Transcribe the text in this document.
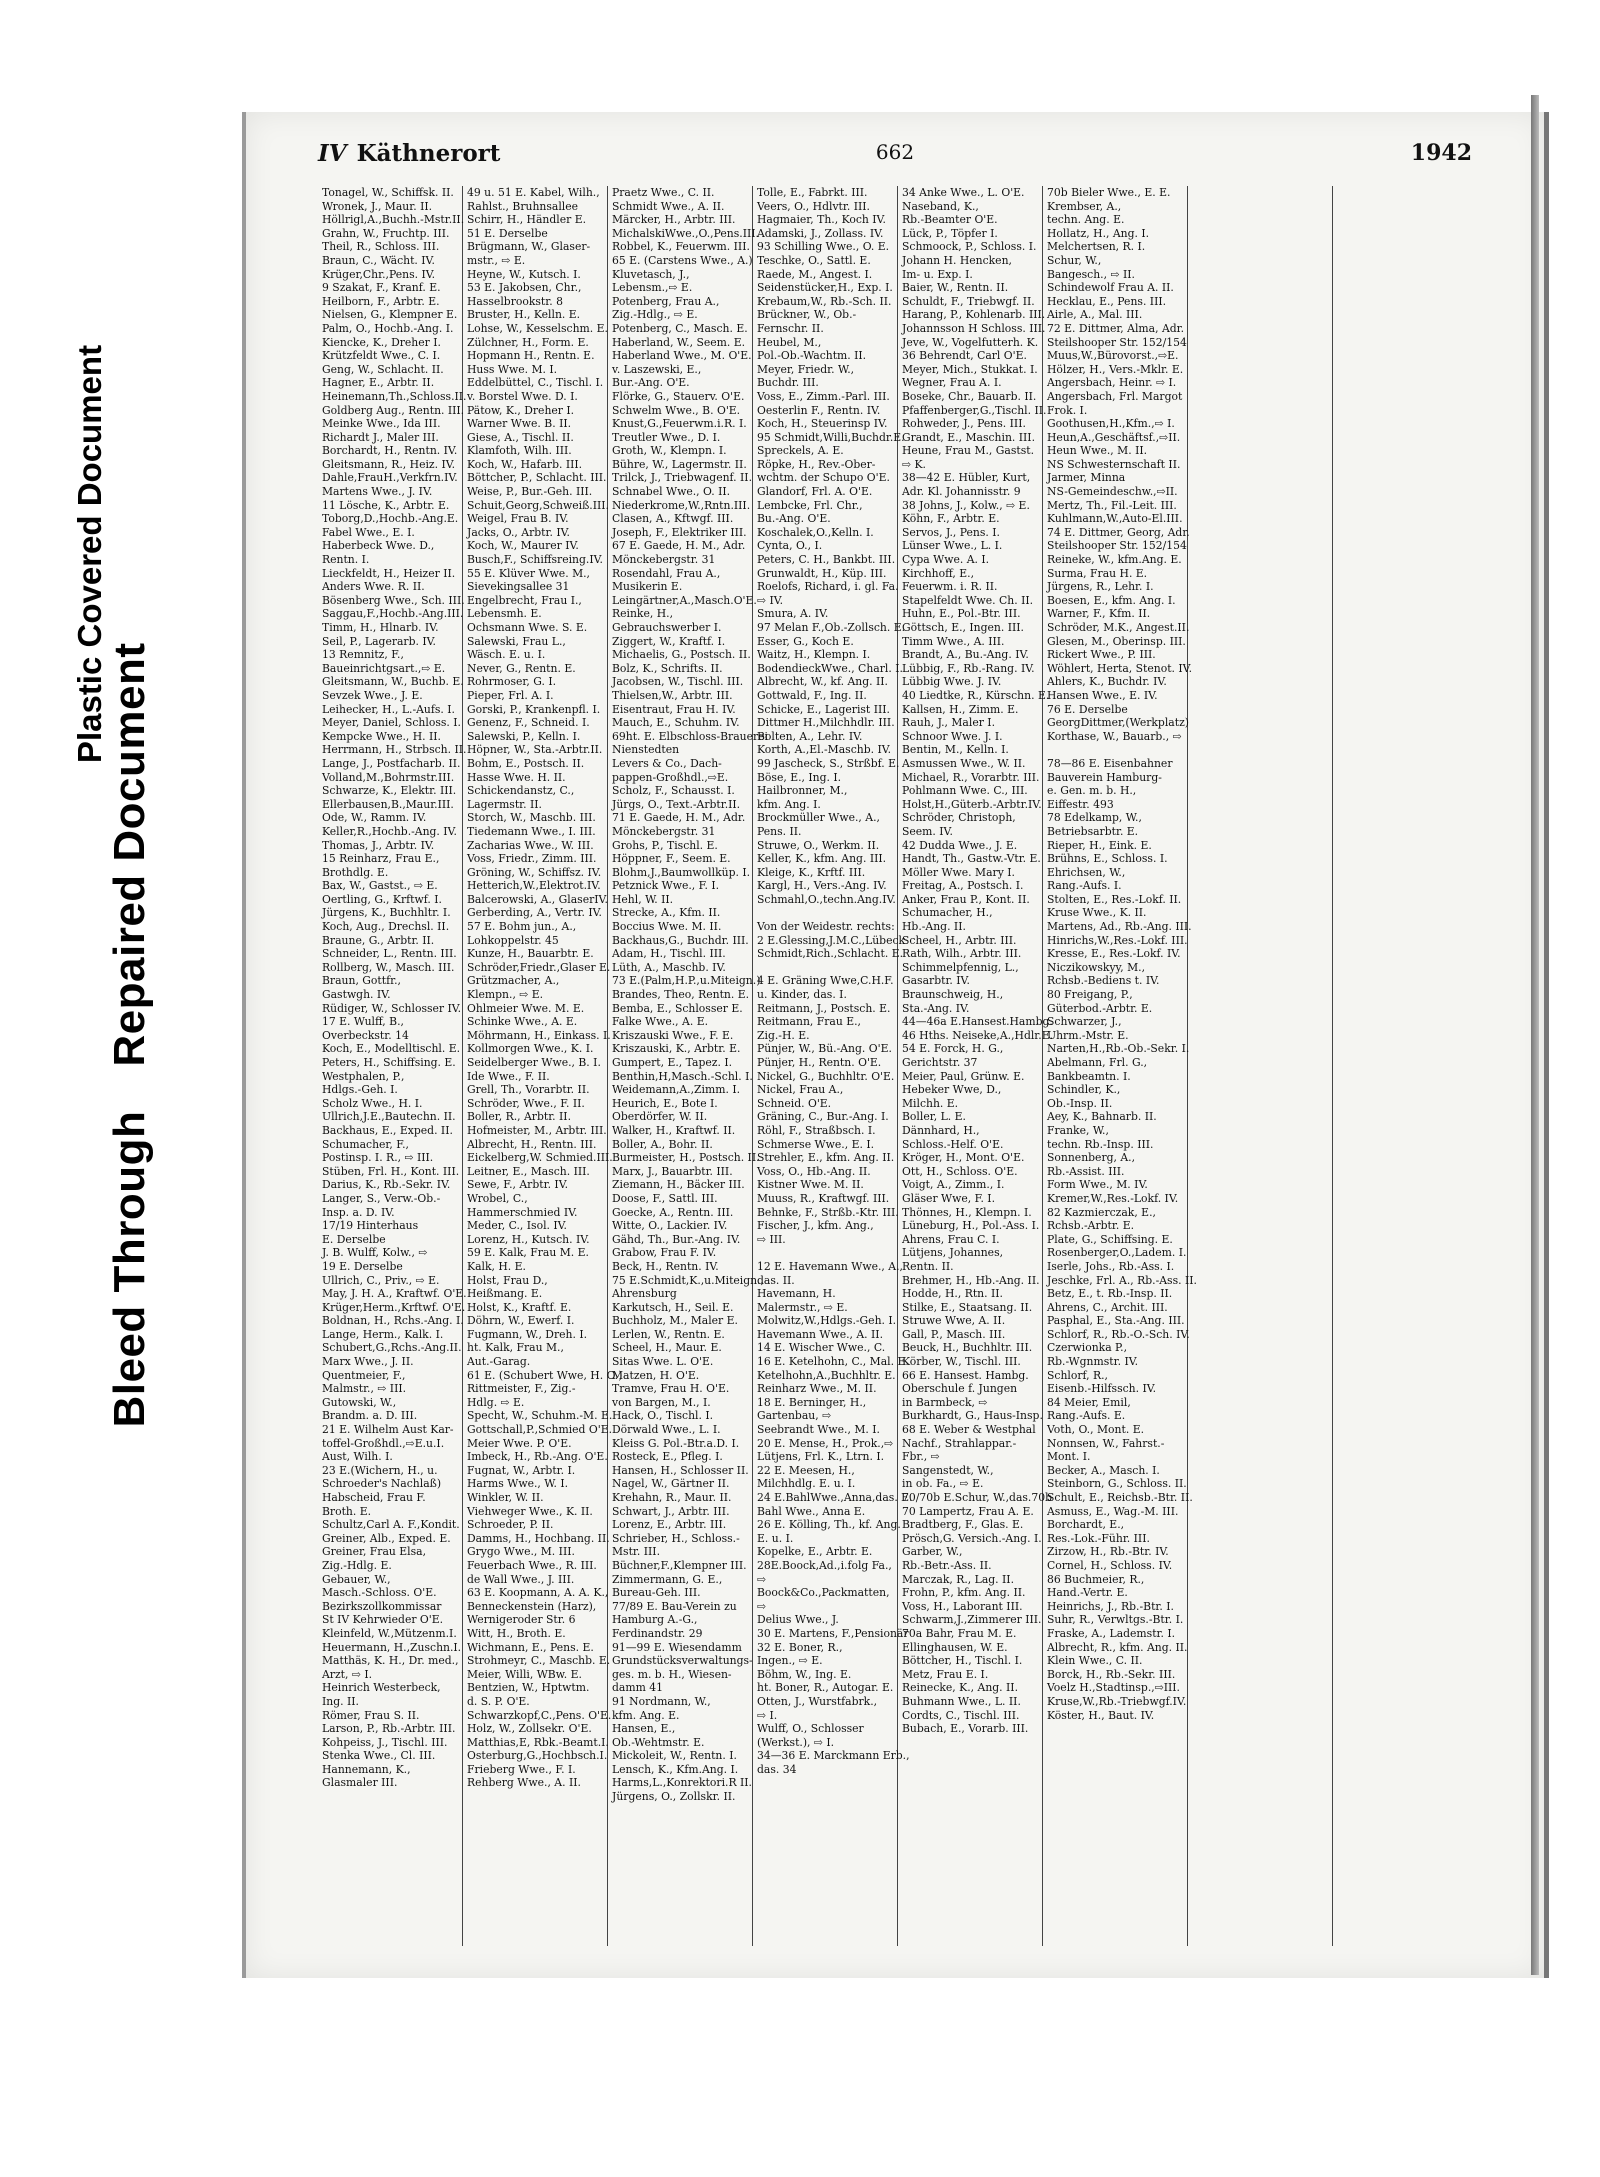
Bleed ThroughRepaired Document
Plastic Covered Document
IV Käthnerort	662	1942
Tonagel, W., Schiffsk. II.
Wronek, J., Maur. II.
Höllrigl,A.,Buchh.-Mstr.II.
Grahn, W., Fruchtp. III.
Theil, R., Schloss. III.
Braun, C., Wächt. IV.
Krüger,Chr.,Pens. IV.
9 Szakat, F., Kranf. E.
Heilborn, F., Arbtr. E.
Nielsen, G., Klempner E.
Palm, O., Hochb.-Ang. I.
Kiencke, K., Dreher I.
Krützfeldt Wwe., C. I.
Geng, W., Schlacht. II.
Hagner, E., Arbtr. II.
Heinemann,Th.,Schloss.II.
Goldberg Aug., Rentn. III.
Meinke Wwe., Ida III.
Richardt J., Maler III.
Borchardt, H., Rentn. IV.
Gleitsmann, R., Heiz. IV.
Dahle,FrauH.,Verkfrn.IV.
Martens Wwe., J. IV.
11 Lösche, K., Arbtr. E.
Toborg,D.,Hochb.-Ang.E.
Fabel Wwe., E. I.
Haberbeck Wwe. D.,
Rentn. I.
Lieckfeldt, H., Heizer II.
Anders Wwe. R. II.
Bösenberg Wwe., Sch. III.
Saggau,F.,Hochb.-Ang.III.
Timm, H., Hlnarb. IV.
Seil, P., Lagerarb. IV.
13 Remnitz, F.,
Baueinrichtgsart.,⇨ E.
Gleitsmann, W., Buchb. E.
Sevzek Wwe., J. E.
Leihecker, H., L.-Aufs. I.
Meyer, Daniel, Schloss. I.
Kempcke Wwe., H. II.
Herrmann, H., Strbsch. II.
Lange, J., Postfacharb. II.
Volland,M.,Bohrmstr.III.
Schwarze, K., Elektr. III.
Ellerbausen,B.,Maur.III.
Ode, W., Ramm. IV.
Keller,R.,Hochb.-Ang. IV.
Thomas, J., Arbtr. IV.
15 Reinharz, Frau E.,
Brothdlg. E.
Bax, W., Gastst., ⇨ E.
Oertling, G., Krftwf. I.
Jürgens, K., Buchhltr. I.
Koch, Aug., Drechsl. II.
Braune, G., Arbtr. II.
Schneider, L., Rentn. III.
Rollberg, W., Masch. III.
Braun, Gottfr.,
Gastwgh. IV.
Rüdiger, W., Schlosser IV.
17 E. Wulff, B.,
Overbeckstr. 14
Koch, E., Modelltischl. E.
Peters, H., Schiffsing. E.
Westphalen, P.,
Hdlgs.-Geh. I.
Scholz Wwe., H. I.
Ullrich,J.E.,Bautechn. II.
Backhaus, E., Exped. II.
Schumacher, F.,
Postinsp. I. R., ⇨ III.
Stüben, Frl. H., Kont. III.
Darius, K., Rb.-Sekr. IV.
Langer, S., Verw.-Ob.-
Insp. a. D. IV.
17/19 Hinterhaus
E. Derselbe
J. B. Wulff, Kolw., ⇨
19 E. Derselbe
Ullrich, C., Priv., ⇨ E.
May, J. H. A., Kraftwf. O'E.
Krüger,Herm.,Krftwf. O'E.
Boldnan, H., Rchs.-Ang. I.
Lange, Herm., Kalk. I.
Schubert,G.,Rchs.-Ang.II.
Marx Wwe., J. II.
Quentmeier, F.,
Malmstr., ⇨ III.
Gutowski, W.,
Brandm. a. D. III.
21 E. Wilhelm Aust Kar-
toffel-Großhdl.,⇨E.u.I.
Aust, Wilh. I.
23 E.(Wichern, H., u.
Schroeder's Nachlaß)
Habscheid, Frau F.
Broth. E.
Schultz,Carl A. F.,Kondit.
Greiner, Alb., Exped. E.
Greiner, Frau Elsa,
Zig.-Hdlg. E.
Gebauer, W.,
Masch.-Schloss. O'E.
Bezirkszollkommissar
St IV Kehrwieder O'E.
Kleinfeld, W.,Mützenm.I.
Heuermann, H.,Zuschn.I.
Matthäs, K. H., Dr. med.,
Arzt, ⇨ I.
Heinrich Westerbeck,
Ing. II.
Römer, Frau S. II.
Larson, P., Rb.-Arbtr. III.
Kohpeiss, J., Tischl. III.
Stenka Wwe., Cl. III.
Hannemann, K.,
Glasmaler III.
49 u. 51 E. Kabel, Wilh.,
Rahlst., Bruhnsallee
Schirr, H., Händler E.
51 E. Derselbe
Brügmann, W., Glaser-
mstr., ⇨ E.
Heyne, W., Kutsch. I.
53 E. Jakobsen, Chr.,
Hasselbrookstr. 8
Bruster, H., Kelln. E.
Lohse, W., Kesselschm. E.
Zülchner, H., Form. E.
Hopmann H., Rentn. E.
Huss Wwe. M. I.
Eddelbüttel, C., Tischl. I.
v. Borstel Wwe. D. I.
Pätow, K., Dreher I.
Warner Wwe. B. II.
Giese, A., Tischl. II.
Klamfoth, Wilh. III.
Koch, W., Hafarb. III.
Böttcher, P., Schlacht. III.
Weise, P., Bur.-Geh. III.
Schuit,Georg,Schweiß.III.
Weigel, Frau B. IV.
Jacks, O., Arbtr. IV.
Koch, W., Maurer IV.
Busch,F., Schiffsreing.IV.
55 E. Klüver Wwe. M.,
Sievekingsallee 31
Engelbrecht, Frau I.,
Lebensmh. E.
Ochsmann Wwe. S. E.
Salewski, Frau L.,
Wäsch. E. u. I.
Never, G., Rentn. E.
Rohrmoser, G. I.
Pieper, Frl. A. I.
Gorski, P., Krankenpfl. I.
Genenz, F., Schneid. I.
Salewski, P., Kelln. I.
Höpner, W., Sta.-Arbtr.II.
Bohm, E., Postsch. II.
Hasse Wwe. H. II.
Schickendanstz, C.,
Lagermstr. II.
Storch, W., Maschb. III.
Tiedemann Wwe., I. III.
Zacharias Wwe., W. III.
Voss, Friedr., Zimm. III.
Gröning, W., Schiffsz. IV.
Hetterich,W.,Elektrot.IV.
Balcerowski, A., GlaserIV.
Gerberding, A., Vertr. IV.
57 E. Bohm jun., A.,
Lohkoppelstr. 45
Kunze, H., Bauarbtr. E.
Schröder,Friedr.,Glaser E.
Grützmacher, A.,
Klempn., ⇨ E.
Ohlmeier Wwe. M. E.
Schinke Wwe., A. E.
Möhrmann, H., Einkass. I.
Kollmorgen Wwe., K. I.
Seidelberger Wwe., B. I.
Ide Wwe., F. II.
Grell, Th., Vorarbtr. II.
Schröder, Wwe., F. II.
Boller, R., Arbtr. II.
Hofmeister, M., Arbtr. III.
Albrecht, H., Rentn. III.
Eickelberg,W. Schmied.III.
Leitner, E., Masch. III.
Sewe, F., Arbtr. IV.
Wrobel, C.,
Hammerschmied IV.
Meder, C., Isol. IV.
Lorenz, H., Kutsch. IV.
59 E. Kalk, Frau M. E.
Kalk, H. E.
Holst, Frau D.,
Heißmang. E.
Holst, K., Kraftf. E.
Döhrn, W., Ewerf. I.
Fugmann, W., Dreh. I.
ht. Kalk, Frau M.,
Aut.-Garag.
61 E. (Schubert Wwe, H. O.)
Rittmeister, F., Zig.-
Hdlg. ⇨ E.
Specht, W., Schuhm.-M. E.
Gottschall,P.,Schmied O'E.
Meier Wwe. P. O'E.
Imbeck, H., Rb.-Ang. O'E.
Fugnat, W., Arbtr. I.
Harms Wwe., W. I.
Winkler, W. II.
Viehweger Wwe., K. II.
Schroeder, P. II.
Damms, H., Hochbang. II.
Grygo Wwe., M. III.
Feuerbach Wwe., R. III.
de Wall Wwe., J. III.
63 E. Koopmann, A. A. K.,
Benneckenstein (Harz),
Wernigeroder Str. 6
Witt, H., Broth. E.
Wichmann, E., Pens. E.
Strohmeyr, C., Maschb. E.
Meier, Willi, WBw. E.
Bentzien, W., Hptwtm.
d. S. P. O'E.
Schwarzkopf,C.,Pens. O'E.
Holz, W., Zollsekr. O'E.
Matthias,E, Rbk.-Beamt.I.
Osterburg,G.,Hochbsch.I.
Frieberg Wwe., F. I.
Rehberg Wwe., A. II.
Praetz Wwe., C. II.
Schmidt Wwe., A. II.
Märcker, H., Arbtr. III.
MichalskiWwe.,O.,Pens.III.
Robbel, K., Feuerwm. III.
65 E. (Carstens Wwe., A.)
Kluvetasch, J.,
Lebensm.,⇨ E.
Potenberg, Frau A.,
Zig.-Hdlg., ⇨ E.
Potenberg, C., Masch. E.
Haberland, W., Seem. E.
Haberland Wwe., M. O'E.
v. Laszewski, E.,
Bur.-Ang. O'E.
Flörke, G., Stauerv. O'E.
Schwelm Wwe., B. O'E.
Knust,G.,Feuerwm.i.R. I.
Treutler Wwe., D. I.
Groth, W., Klempn. I.
Bühre, W., Lagermstr. II.
Trilck, J., Triebwagenf. II.
Schnabel Wwe., O. II.
Niederkrome,W.,Rntn.III.
Clasen, A., Kftwgf. III.
Joseph, F., Elektriker III.
67 E. Gaede, H. M., Adr.
Mönckebergstr. 31
Rosendahl, Frau A.,
Musikerin E.
Leingärtner,A.,Masch.O'E.
Reinke, H.,
Gebrauchswerber I.
Ziggert, W., Kraftf. I.
Michaelis, G., Postsch. II.
Bolz, K., Schrifts. II.
Jacobsen, W., Tischl. III.
Thielsen,W., Arbtr. III.
Eisentraut, Frau H. IV.
Mauch, E., Schuhm. IV.
69ht. E. Elbschloss-Brauerei
Nienstedten
Levers & Co., Dach-
pappen-Großhdl.,⇨E.
Scholz, F., Schausst. I.
Jürgs, O., Text.-Arbtr.II.
71 E. Gaede, H. M., Adr.
Mönckebergstr. 31
Grohs, P., Tischl. E.
Höppner, F., Seem. E.
Blohm,J.,Baumwollküp. I.
Petznick Wwe., F. I.
Hehl, W. II.
Strecke, A., Kfm. II.
Boccius Wwe. M. II.
Backhaus,G., Buchdr. III.
Adam, H., Tischl. III.
Lüth, A., Maschb. IV.
73 E.(Palm,H.P.,u.Miteign.)
Brandes, Theo, Rentn. E.
Bemba, E., Schlosser E.
Falke Wwe., A. E.
Kriszauski Wwe., F. E.
Kriszauski, K., Arbtr. E.
Gumpert, E., Tapez. I.
Benthin,H,Masch.-Schl. I.
Weidemann,A.,Zimm. I.
Heurich, E., Bote I.
Oberdörfer, W. II.
Walker, H., Kraftwf. II.
Boller, A., Bohr. II.
Burmeister, H., Postsch. II.
Marx, J., Bauarbtr. III.
Ziemann, H., Bäcker III.
Doose, F., Sattl. III.
Goecke, A., Rentn. III.
Witte, O., Lackier. IV.
Gähd, Th., Bur.-Ang. IV.
Grabow, Frau F. IV.
Beck, H., Rentn. IV.
75 E.Schmidt,K.,u.Miteign.,
Ahrensburg
Karkutsch, H., Seil. E.
Buchholz, M., Maler E.
Lerlen, W., Rentn. E.
Scheel, H., Maur. E.
Sitas Wwe. L. O'E.
Matzen, H. O'E.
Tramve, Frau H. O'E.
von Bargen, M., I.
Hack, O., Tischl. I.
Dörwald Wwe., L. I.
Kleiss G. Pol.-Btr.a.D. I.
Rosteck, E., Pfleg. I.
Hansen, H., Schlosser II.
Nagel, W., Gärtner II.
Krehahn, R., Maur. II.
Schwart, J., Arbtr. III.
Lorenz, E., Arbtr. III.
Schrieber, H., Schloss.-
Mstr. III.
Büchner,F.,Klempner III.
Zimmermann, G. E.,
Bureau-Geh. III.
77/89 E. Bau-Verein zu
Hamburg A.-G.,
Ferdinandstr. 29
91—99 E. Wiesendamm
Grundstücksverwaltungs-
ges. m. b. H., Wiesen-
damm 41
91 Nordmann, W.,
kfm. Ang. E.
Hansen, E.,
Ob.-Wehtmstr. E.
Mickoleit, W., Rentn. I.
Lensch, K., Kfm.Ang. I.
Harms,L.,Konrektori.R II.
Jürgens, O., Zollskr. II.
Tolle, E., Fabrkt. III.
Veers, O., Hdlvtr. III.
Hagmaier, Th., Koch IV.
Adamski, J., Zollass. IV.
93 Schilling Wwe., O. E.
Teschke, O., Sattl. E.
Raede, M., Angest. I.
Seidenstücker,H., Exp. I.
Krebaum,W., Rb.-Sch. II.
Brückner, W., Ob.-
Fernschr. II.
Heubel, M.,
Pol.-Ob.-Wachtm. II.
Meyer, Friedr. W.,
Buchdr. III.
Voss, E., Zimm.-Parl. III.
Oesterlin F., Rentn. IV.
Koch, H., Steuerinsp IV.
95 Schmidt,Willi,Buchdr.E.
Spreckels, A. E.
Röpke, H., Rev.-Ober-
wchtm. der Schupo O'E.
Glandorf, Frl. A. O'E.
Lembcke, Frl. Chr.,
Bu.-Ang. O'E.
Koschalek,O.,Kelln. I.
Cynta, O., I.
Peters, C. H., Bankbt. III.
Grunwaldt, H., Küp. III.
Roelofs, Richard, i. gl. Fa.
⇨ IV.
Smura, A. IV.
97 Melan F.,Ob.-Zollsch. E.
Esser, G., Koch E.
Waitz, H., Klempn. I.
BodendieckWwe., Charl. I.
Albrecht, W., kf. Ang. II.
Gottwald, F., Ing. II.
Schicke, E., Lagerist III.
Dittmer H.,Milchhdlr. III.
Bolten, A., Lehr. IV.
Korth, A.,El.-Maschb. IV.
99 Jascheck, S., Strßbf. E.
Böse, E., Ing. I.
Hailbronner, M.,
kfm. Ang. I.
Brockmüller Wwe., A.,
Pens. II.
Struwe, O., Werkm. II.
Keller, K., kfm. Ang. III.
Kleige, K., Krftf. III.
Kargl, H., Vers.-Ang. IV.
Schmahl,O.,techn.Ang.IV.

Von der Weidestr. rechts:
2 E.Glessing,J.M.C.,Lübeck
Schmidt,Rich.,Schlacht. E.

4 E. Gräning Wwe,C.H.F.
u. Kinder, das. I.
Reitmann, J., Postsch. E.
Reitmann, Frau E.,
Zig.-H. E.
Pünjer, W., Bü.-Ang. O'E.
Pünjer, H., Rentn. O'E.
Nickel, G., Buchhltr. O'E.
Nickel, Frau A.,
Schneid. O'E.
Gräning, C., Bur.-Ang. I.
Röhl, F., Straßbsch. I.
Schmerse Wwe., E. I.
Strehler, E., kfm. Ang. II.
Voss, O., Hb.-Ang. II.
Kistner Wwe. M. II.
Muuss, R., Kraftwgf. III.
Behnke, F., Strßb.-Ktr. III.
Fischer, J., kfm. Ang.,
⇨ III.

12 E. Havemann Wwe., A.,
das. II.
Havemann, H.
Malermstr., ⇨ E.
Molwitz,W.,Hdlgs.-Geh. I.
Havemann Wwe., A. II.
14 E. Wischer Wwe., C.
16 E. Ketelhohn, C., Mal. E.
Ketelhohn,A.,Buchhltr. E.
Reinharz Wwe., M. II.
18 E. Berninger, H.,
Gartenbau, ⇨
Seebrandt Wwe., M. I.
20 E. Mense, H., Prok.,⇨
Lütjens, Frl. K., Ltrn. I.
22 E. Meesen, H.,
Milchhdlg. E. u. I.
24 E.BahlWwe.,Anna,das. E.
Bahl Wwe., Anna E.
26 E. Kölling, Th., kf. Ang.
E. u. I.
Kopelke, E., Arbtr. E.
28E.Boock,Ad.,i.folg Fa.,
⇨
Boock&Co.,Packmatten,
⇨
Delius Wwe., J.
30 E. Martens, F.,Pensionär
32 E. Boner, R.,
Ingen., ⇨ E.
Böhm, W., Ing. E.
ht. Boner, R., Autogar. E.
Otten, J., Wurstfabrk.,
⇨ I.
Wulff, O., Schlosser
(Werkst.), ⇨ I.
34—36 E. Marckmann Erb.,
das. 34
34 Anke Wwe., L. O'E.
Naseband, K.,
Rb.-Beamter O'E.
Lück, P., Töpfer I.
Schmoock, P., Schloss. I.
Johann H. Hencken,
Im- u. Exp. I.
Baier, W., Rentn. II.
Schuldt, F., Triebwgf. II.
Harang, P., Kohlenarb. III.
Johannsson H Schloss. III.
Jeve, W., Vogelfutterh. K.
36 Behrendt, Carl O'E.
Meyer, Mich., Stukkat. I.
Wegner, Frau A. I.
Boseke, Chr., Bauarb. II.
Pfaffenberger,G.,Tischl. II.
Rohweder, J., Pens. III.
Grandt, E., Maschin. III.
Heune, Frau M., Gastst.
⇨ K.
38—42 E. Hübler, Kurt,
Adr. Kl. Johannisstr. 9
38 Johns, J., Kolw., ⇨ E.
Köhn, F., Arbtr. E.
Servos, J., Pens. I.
Lünser Wwe., L. I.
Cypa Wwe. A. I.
Kirchhoff, E.,
Feuerwm. i. R. II.
Stapelfeldt Wwe. Ch. II.
Huhn, E., Pol.-Btr. III.
Göttsch, E., Ingen. III.
Timm Wwe., A. III.
Brandt, A., Bu.-Ang. IV.
Lübbig, F., Rb.-Rang. IV.
Lübbig Wwe. J. IV.
40 Liedtke, R., Kürschn. E.
Kallsen, H., Zimm. E.
Rauh, J., Maler I.
Schnoor Wwe. J. I.
Bentin, M., Kelln. I.
Asmussen Wwe., W. II.
Michael, R., Vorarbtr. III.
Pohlmann Wwe. C., III.
Holst,H.,Güterb.-Arbtr.IV.
Schröder, Christoph,
Seem. IV.
42 Dudda Wwe., J. E.
Handt, Th., Gastw.-Vtr. E.
Möller Wwe. Mary I.
Freitag, A., Postsch. I.
Anker, Frau P., Kont. II.
Schumacher, H.,
Hb.-Ang. II.
Scheel, H., Arbtr. III.
Rath, Wilh., Arbtr. III.
Schimmelpfennig, L.,
Gasarbtr. IV.
Braunschweig, H.,
Sta.-Ang. IV.
44—46a E.Hansest.Hambg.
46 Hths. Neiseke,A.,Hdlr.E.
54 E. Forck, H. G.,
Gerichtstr. 37
Meier, Paul, Grünw. E.
Hebeker Wwe, D.,
Milchh. E.
Boller, L. E.
Dännhard, H.,
Schloss.-Helf. O'E.
Kröger, H., Mont. O'E.
Ott, H., Schloss. O'E.
Voigt, A., Zimm., I.
Gläser Wwe, F. I.
Thönnes, H., Klempn. I.
Lüneburg, H., Pol.-Ass. I.
Ahrens, Frau C. I.
Lütjens, Johannes,
Rentn. II.
Brehmer, H., Hb.-Ang. II.
Hodde, H., Rtn. II.
Stilke, E., Staatsang. II.
Struwe Wwe, A. II.
Gall, P., Masch. III.
Beuck, H., Buchhltr. III.
Körber, W., Tischl. III.
66 E. Hansest. Hambg.
Oberschule f. Jungen
in Barmbeck, ⇨
Burkhardt, G., Haus-Insp.
68 E. Weber & Westphal
Nachf., Strahlappar.-
Fbr., ⇨
Sangenstedt, W.,
in ob. Fa., ⇨ E.
70/70b E.Schur, W.,das.70b
70 Lampertz, Frau A. E.
Bradtberg, F., Glas. E.
Prösch,G. Versich.-Ang. I.
Garber, W.,
Rb.-Betr.-Ass. II.
Marczak, R., Lag. II.
Frohn, P., kfm. Ang. II.
Voss, H., Laborant III.
Schwarm,J.,Zimmerer III.
70a Bahr, Frau M. E.
Ellinghausen, W. E.
Böttcher, H., Tischl. I.
Metz, Frau E. I.
Reinecke, K., Ang. II.
Buhmann Wwe., L. II.
Cordts, C., Tischl. III.
Bubach, E., Vorarb. III.
70b Bieler Wwe., E. E.
Krembser, A.,
techn. Ang. E.
Hollatz, H., Ang. I.
Melchertsen, R. I.
Schur, W.,
Bangesch., ⇨ II.
Schindewolf Frau A. II.
Hecklau, E., Pens. III.
Airle, A., Mal. III.
72 E. Dittmer, Alma, Adr.
Steilshooper Str. 152/154
Muus,W.,Bürovorst.,⇨E.
Hölzer, H., Vers.-Mklr. E.
Angersbach, Heinr. ⇨ I.
Angersbach, Frl. Margot
Frok. I.
Goothusen,H.,Kfm.,⇨ I.
Heun,A.,Geschäftsf.,⇨II.
Heun Wwe., M. II.
NS Schwesternschaft II.
Jarmer, Minna
NS-Gemeindeschw.,⇨II.
Mertz, Th., Fil.-Leit. III.
Kuhlmann,W.,Auto-El.III.
74 E. Dittmer, Georg, Adr.
Steilshooper Str. 152/154
Reineke, W., kfm.Ang. E.
Surma, Frau H. E.
Jürgens, R., Lehr. I.
Boesen, E., kfm. Ang. I.
Warner, F., Kfm. II.
Schröder, M.K., Angest.II.
Glesen, M., Oberinsp. III.
Rickert Wwe., P. III.
Wöhlert, Herta, Stenot. IV.
Ahlers, K., Buchdr. IV.
Hansen Wwe., E. IV.
76 E. Derselbe
GeorgDittmer,(Werkplatz)
Korthase, W., Bauarb., ⇨

78—86 E. Eisenbahner
Bauverein Hamburg-
e. Gen. m. b. H.,
Eiffestr. 493
78 Edelkamp, W.,
Betriebsarbtr. E.
Rieper, H., Eink. E.
Brühns, E., Schloss. I.
Ehrichsen, W.,
Rang.-Aufs. I.
Stolten, E., Res.-Lokf. II.
Kruse Wwe., K. II.
Martens, Ad., Rb.-Ang. III.
Hinrichs,W.,Res.-Lokf. III.
Kresse, E., Res.-Lokf. IV.
Niczikowskyy, M.,
Rchsb.-Bediens t. IV.
80 Freigang, P.,
Güterbod.-Arbtr. E.
Schwarzer, J.,
Uhrm.-Mstr. E.
Narten,H.,Rb.-Ob.-Sekr. I.
Abelmann, Frl. G.,
Bankbeamtn. I.
Schindler, K.,
Ob.-Insp. II.
Aey, K., Bahnarb. II.
Franke, W.,
techn. Rb.-Insp. III.
Sonnenberg, A.,
Rb.-Assist. III.
Form Wwe., M. IV.
Kremer,W.,Res.-Lokf. IV.
82 Kazmierczak, E.,
Rchsb.-Arbtr. E.
Plate, G., Schiffsing. E.
Rosenberger,O.,Ladem. I.
Iserle, Johs., Rb.-Ass. I.
Jeschke, Frl. A., Rb.-Ass. II.
Betz, E., t. Rb.-Insp. II.
Ahrens, C., Archit. III.
Pasphal, E., Sta.-Ang. III.
Schlorf, R., Rb.-O.-Sch. IV.
Czerwionka P.,
Rb.-Wgnmstr. IV.
Schlorf, R.,
Eisenb.-Hilfssch. IV.
84 Meier, Emil,
Rang.-Aufs. E.
Voth, O., Mont. E.
Nonnsen, W., Fahrst.-
Mont. I.
Becker, A., Masch. I.
Steinborn, G., Schloss. II.
Schult, E., Reichsb.-Btr. II.
Asmuss, E., Wag.-M. III.
Borchardt, E.,
Res.-Lok.-Führ. III.
Zirzow, H., Rb.-Btr. IV.
Cornel, H., Schloss. IV.
86 Buchmeier, R.,
Hand.-Vertr. E.
Heinrichs, J., Rb.-Btr. I.
Suhr, R., Verwltgs.-Btr. I.
Fraske, A., Lademstr. I.
Albrecht, R., kfm. Ang. II.
Klein Wwe., C. II.
Borck, H., Rb.-Sekr. III.
Voelz H.,Stadtinsp.,⇨III.
Kruse,W.,Rb.-Triebwgf.IV.
Köster, H., Baut. IV.
